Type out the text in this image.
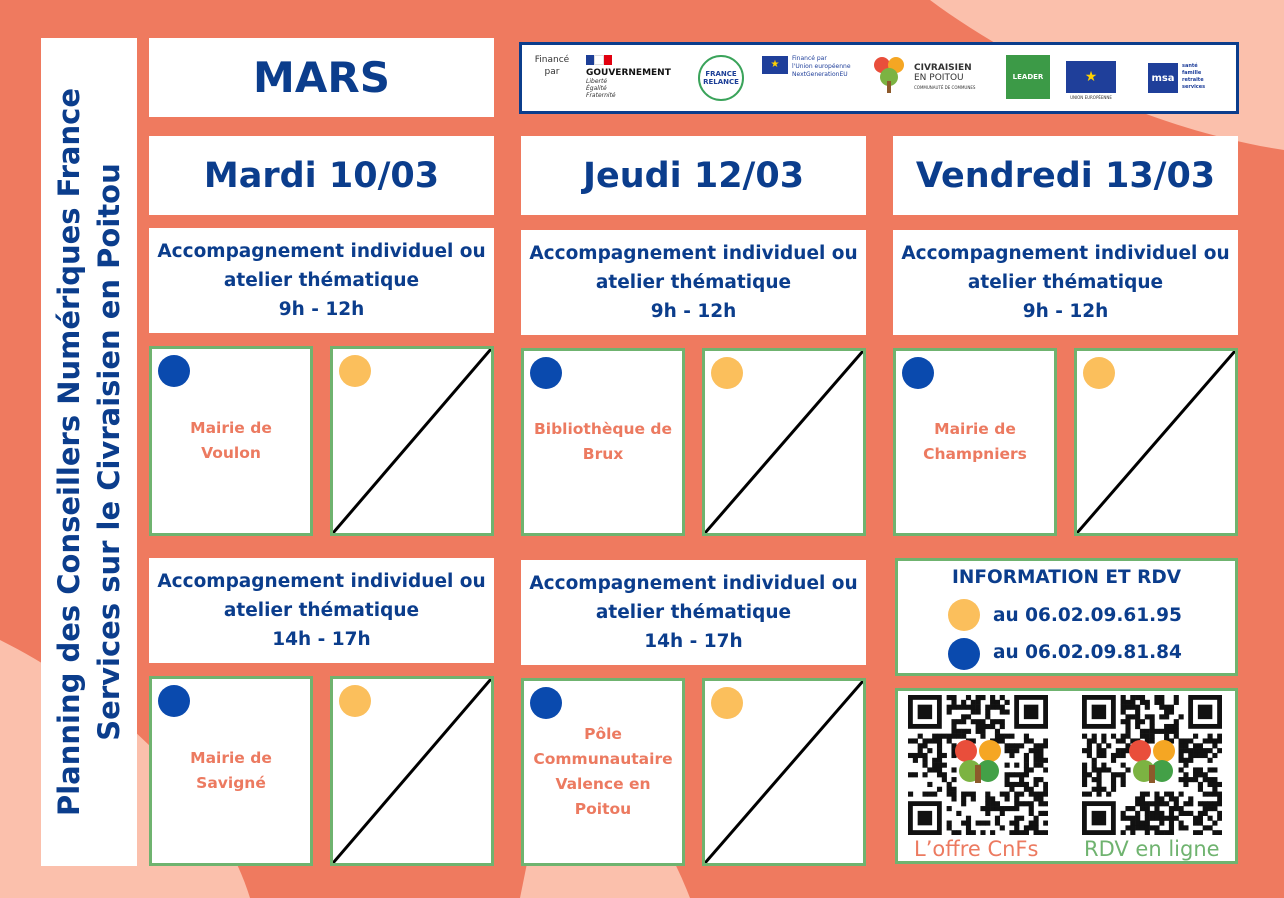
Planning des Conseillers Numériques France Services sur le Civraisien en Poitou
MARS	Financé par	GOUVERNEMENT
Liberté
Égalité
Fraternité
FRANCE
RELANCE
★
Financé par
l'Union européenne
NextGenerationEU
CIVRAISIEN
EN POITOU
COMMUNAUTÉ DE COMMUNES
LEADER	★
UNION EUROPÉENNE
msa
santé
famille
retraite
services
Mardi 10/03	Jeudi 12/03	Vendredi 13/03
Accompagnement individuel ou atelier thématique
9h - 12h
Accompagnement individuel ou atelier thématique
9h - 12h
Accompagnement individuel ou atelier thématique
9h - 12h
Mairie de Voulon
Bibliothèque de Brux
Mairie de Champniers
Accompagnement individuel ou atelier thématique
14h - 17h
Accompagnement individuel ou atelier thématique
14h - 17h
Mairie de Savigné
Pôle Communautaire Valence en Poitou
INFORMATION ET RDV
au 06.02.09.61.95
au 06.02.09.81.84
L’offre CnFs RDV en ligne
